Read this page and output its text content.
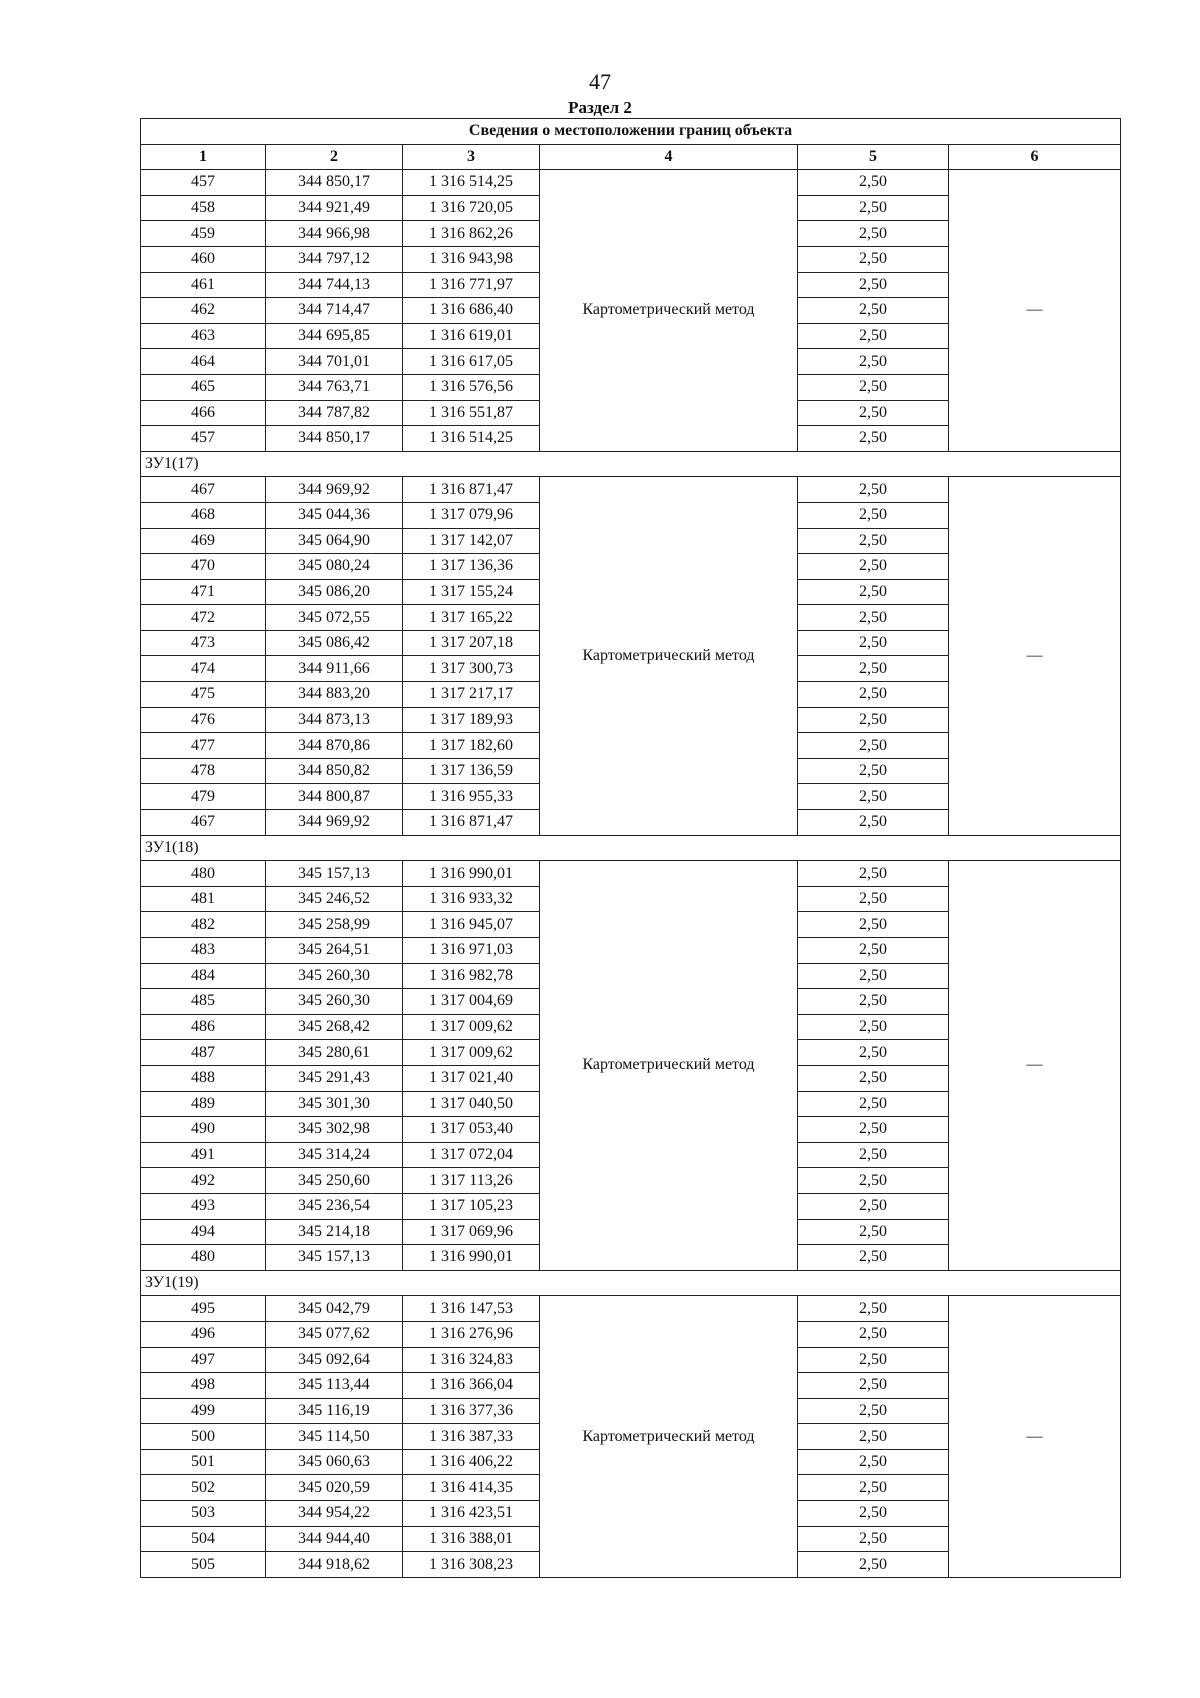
47
Раздел 2
Сведения о местоположении границ объекта					
1	2	3	4	5	6
457	344 850,17	1 316 514,25	Картометрический метод	2,50	—
458	344 921,49	1 316 720,05		2,50	
459	344 966,98	1 316 862,26		2,50	
460	344 797,12	1 316 943,98		2,50	
461	344 744,13	1 316 771,97		2,50	
462	344 714,47	1 316 686,40		2,50	
463	344 695,85	1 316 619,01		2,50	
464	344 701,01	1 316 617,05		2,50	
465	344 763,71	1 316 576,56		2,50	
466	344 787,82	1 316 551,87		2,50	
457	344 850,17	1 316 514,25		2,50	
ЗУ1(17)					
467	344 969,92	1 316 871,47	Картометрический метод	2,50	—
468	345 044,36	1 317 079,96		2,50	
469	345 064,90	1 317 142,07		2,50	
470	345 080,24	1 317 136,36		2,50	
471	345 086,20	1 317 155,24		2,50	
472	345 072,55	1 317 165,22		2,50	
473	345 086,42	1 317 207,18		2,50	
474	344 911,66	1 317 300,73		2,50	
475	344 883,20	1 317 217,17		2,50	
476	344 873,13	1 317 189,93		2,50	
477	344 870,86	1 317 182,60		2,50	
478	344 850,82	1 317 136,59		2,50	
479	344 800,87	1 316 955,33		2,50	
467	344 969,92	1 316 871,47		2,50	
ЗУ1(18)					
480	345 157,13	1 316 990,01	Картометрический метод	2,50	—
481	345 246,52	1 316 933,32		2,50	
482	345 258,99	1 316 945,07		2,50	
483	345 264,51	1 316 971,03		2,50	
484	345 260,30	1 316 982,78		2,50	
485	345 260,30	1 317 004,69		2,50	
486	345 268,42	1 317 009,62		2,50	
487	345 280,61	1 317 009,62		2,50	
488	345 291,43	1 317 021,40		2,50	
489	345 301,30	1 317 040,50		2,50	
490	345 302,98	1 317 053,40		2,50	
491	345 314,24	1 317 072,04		2,50	
492	345 250,60	1 317 113,26		2,50	
493	345 236,54	1 317 105,23		2,50	
494	345 214,18	1 317 069,96		2,50	
480	345 157,13	1 316 990,01		2,50	
ЗУ1(19)					
495	345 042,79	1 316 147,53	Картометрический метод	2,50	—
496	345 077,62	1 316 276,96		2,50	
497	345 092,64	1 316 324,83		2,50	
498	345 113,44	1 316 366,04		2,50	
499	345 116,19	1 316 377,36		2,50	
500	345 114,50	1 316 387,33		2,50	
501	345 060,63	1 316 406,22		2,50	
502	345 020,59	1 316 414,35		2,50	
503	344 954,22	1 316 423,51		2,50	
504	344 944,40	1 316 388,01		2,50	
505	344 918,62	1 316 308,23		2,50	
